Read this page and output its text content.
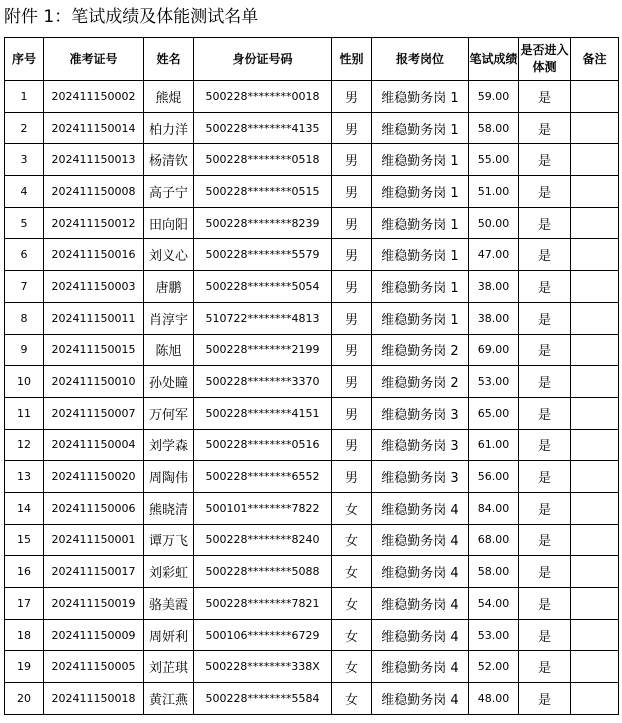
附件 1：笔试成绩及体能测试名单
序号	准考证号	姓名	身份证号码	性别	报考岗位	笔试成绩	是否进入体测	备注
1	202411150002	熊焜	500228********0018	男	维稳勤务岗 1	59.00	是	
2	202411150014	柏力洋	500228********4135	男	维稳勤务岗 1	58.00	是	
3	202411150013	杨清钦	500228********0518	男	维稳勤务岗 1	55.00	是	
4	202411150008	高子宁	500228********0515	男	维稳勤务岗 1	51.00	是	
5	202411150012	田向阳	500228********8239	男	维稳勤务岗 1	50.00	是	
6	202411150016	刘义心	500228********5579	男	维稳勤务岗 1	47.00	是	
7	202411150003	唐鹏	500228********5054	男	维稳勤务岗 1	38.00	是	
8	202411150011	肖淳宇	510722********4813	男	维稳勤务岗 1	38.00	是	
9	202411150015	陈旭	500228********2199	男	维稳勤务岗 2	69.00	是	
10	202411150010	孙处瞳	500228********3370	男	维稳勤务岗 2	53.00	是	
11	202411150007	万何军	500228********4151	男	维稳勤务岗 3	65.00	是	
12	202411150004	刘学森	500228********0516	男	维稳勤务岗 3	61.00	是	
13	202411150020	周陶伟	500228********6552	男	维稳勤务岗 3	56.00	是	
14	202411150006	熊晓清	500101********7822	女	维稳勤务岗 4	84.00	是	
15	202411150001	谭万飞	500228********8240	女	维稳勤务岗 4	68.00	是	
16	202411150017	刘彩虹	500228********5088	女	维稳勤务岗 4	58.00	是	
17	202411150019	骆美霞	500228********7821	女	维稳勤务岗 4	54.00	是	
18	202411150009	周妍利	500106********6729	女	维稳勤务岗 4	53.00	是	
19	202411150005	刘芷琪	500228********338X	女	维稳勤务岗 4	52.00	是	
20	202411150018	黄江燕	500228********5584	女	维稳勤务岗 4	48.00	是	
